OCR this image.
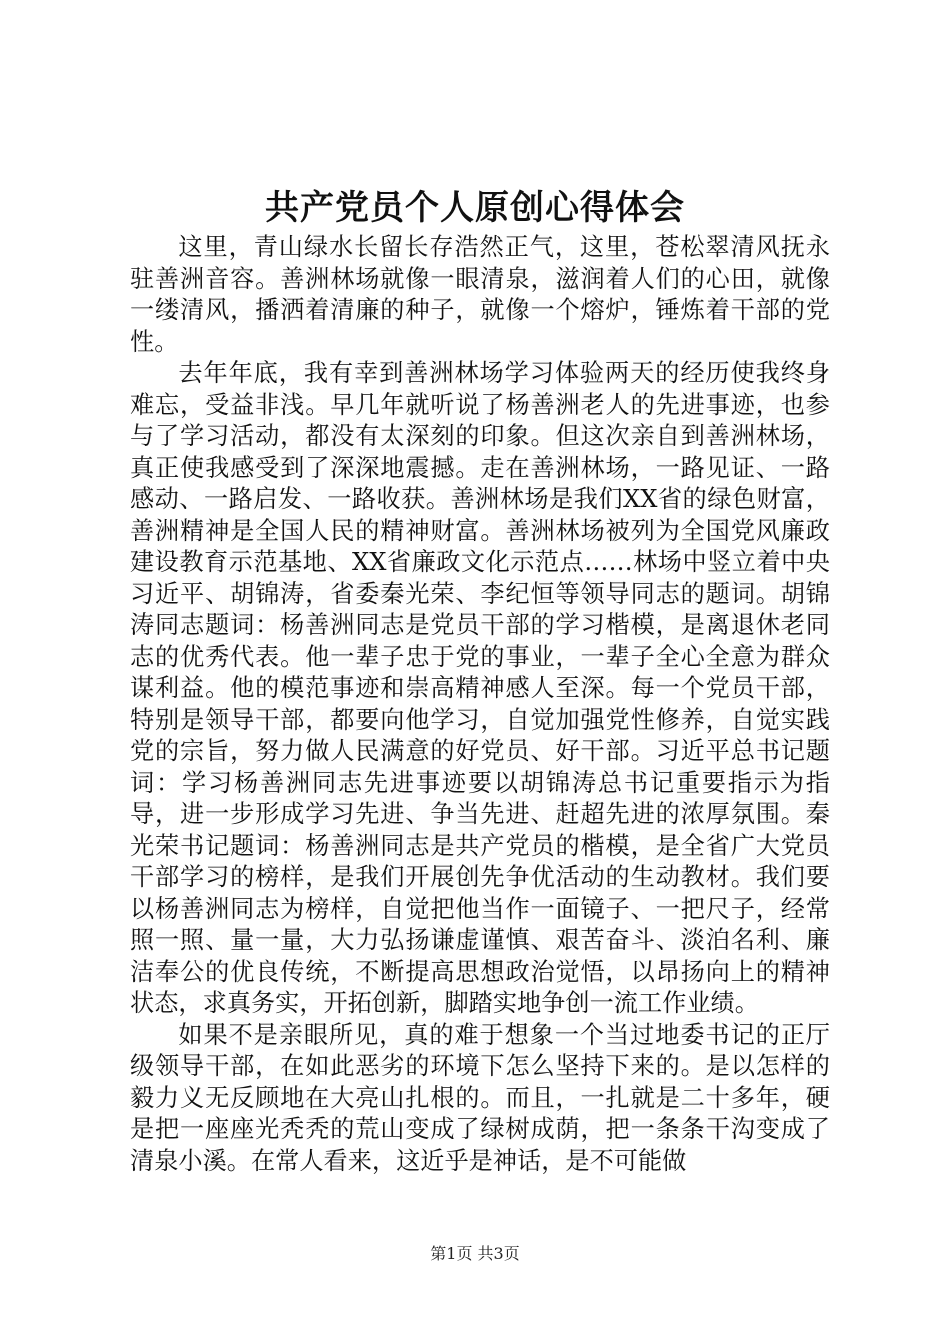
共产党员个人原创心得体会

这里，青山绿水长留长存浩然正气，这里，苍松翠清风抚永驻善洲音容。善洲林场就像一眼清泉，滋润着人们的心田，就像一缕清风，播洒着清廉的种子，就像一个熔炉，锤炼着干部的党性。

去年年底，我有幸到善洲林场学习体验两天的经历使我终身难忘，受益非浅。早几年就听说了杨善洲老人的先进事迹，也参与了学习活动，都没有太深刻的印象。但这次亲自到善洲林场，真正使我感受到了深深地震撼。走在善洲林场，一路见证、一路感动、一路启发、一路收获。善洲林场是我们XX省的绿色财富，善洲精神是全国人民的精神财富。善洲林场被列为全国党风廉政建设教育示范基地、XX省廉政文化示范点……林场中竖立着中央习近平、胡锦涛，省委秦光荣、李纪恒等领导同志的题词。胡锦涛同志题词：杨善洲同志是党员干部的学习楷模，是离退休老同志的优秀代表。他一辈子忠于党的事业，一辈子全心全意为群众谋利益。他的模范事迹和崇高精神感人至深。每一个党员干部，特别是领导干部，都要向他学习，自觉加强党性修养，自觉实践党的宗旨，努力做人民满意的好党员、好干部。习近平总书记题词：学习杨善洲同志先进事迹要以胡锦涛总书记重要指示为指导，进一步形成学习先进、争当先进、赶超先进的浓厚氛围。秦光荣书记题词：杨善洲同志是共产党员的楷模，是全省广大党员干部学习的榜样，是我们开展创先争优活动的生动教材。我们要以杨善洲同志为榜样，自觉把他当作一面镜子、一把尺子，经常照一照、量一量，大力弘扬谦虚谨慎、艰苦奋斗、淡泊名利、廉洁奉公的优良传统，不断提高思想政治觉悟，以昂扬向上的精神状态，求真务实，开拓创新，脚踏实地争创一流工作业绩。

如果不是亲眼所见，真的难于想象一个当过地委书记的正厅级领导干部，在如此恶劣的环境下怎么坚持下来的。是以怎样的毅力义无反顾地在大亮山扎根的。而且，一扎就是二十多年，硬是把一座座光秃秃的荒山变成了绿树成荫，把一条条干沟变成了清泉小溪。在常人看来，这近乎是神话，是不可能做

第1页 共3页
